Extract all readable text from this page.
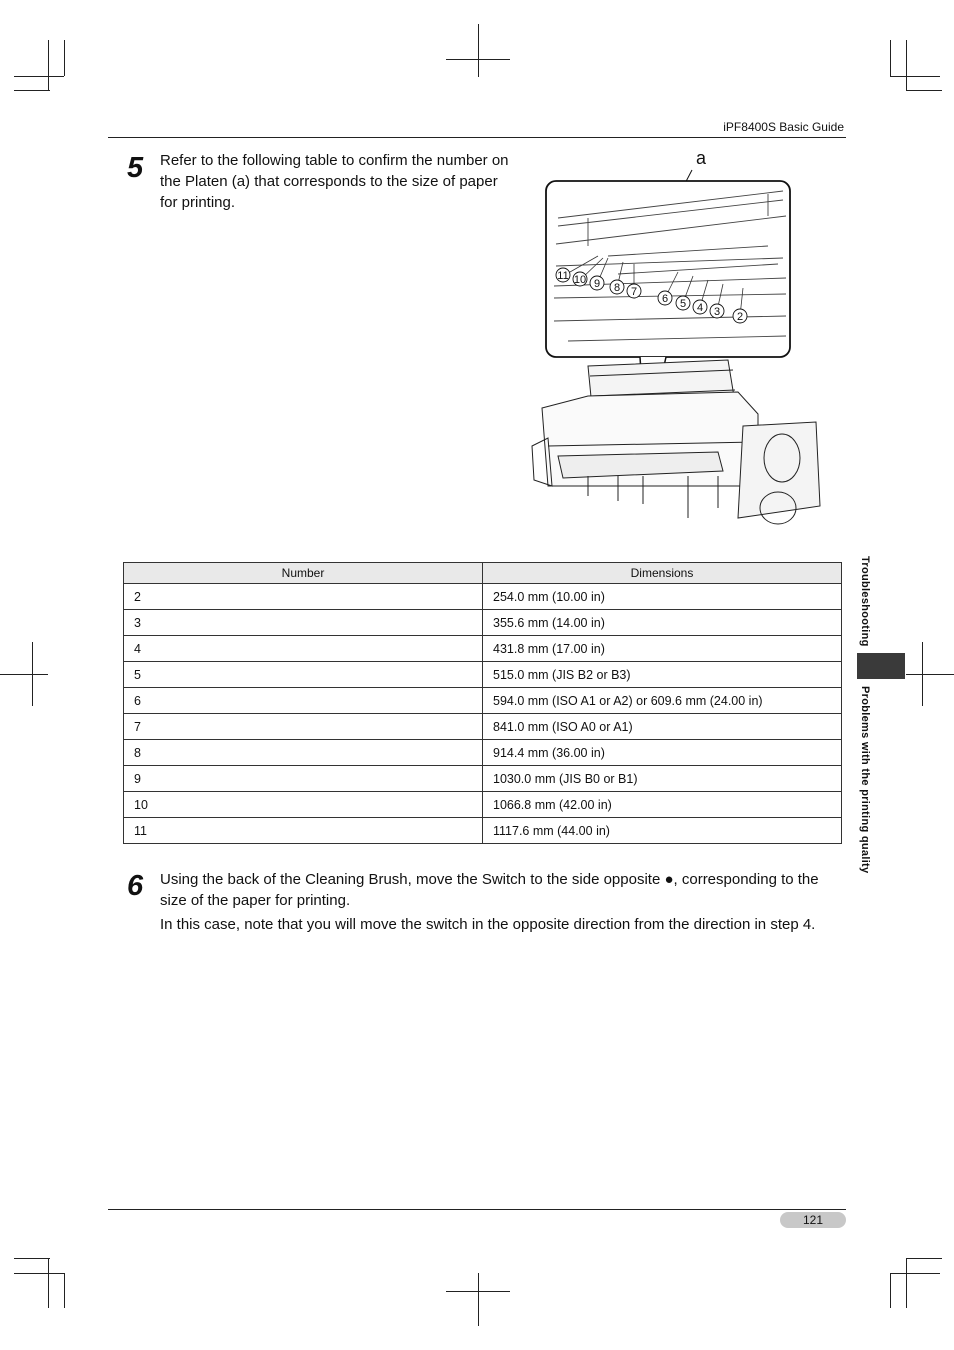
iPF8400S Basic Guide
5 Refer to the following table to confirm the number on the Platen (a) that corresponds to the size of paper for printing.
a
11 10 9 8 7
6 5 4 3 2
Number	Dimensions
2	254.0 mm (10.00 in)
3	355.6 mm (14.00 in)
4	431.8 mm (17.00 in)
5	515.0 mm (JIS B2 or B3)
6	594.0 mm (ISO A1 or A2) or 609.6 mm (24.00 in)
7	841.0 mm (ISO A0 or A1)
8	914.4 mm (36.00 in)
9	1030.0 mm (JIS B0 or B1)
10	1066.8 mm (42.00 in)
11	1117.6 mm (44.00 in)
6 Using the back of the Cleaning Brush, move the Switch to the side opposite ●, corresponding to the size of the paper for printing.
In this case, note that you will move the switch in the opposite direction from the direction in step 4.
Troubleshooting
Problems with the printing quality
121
